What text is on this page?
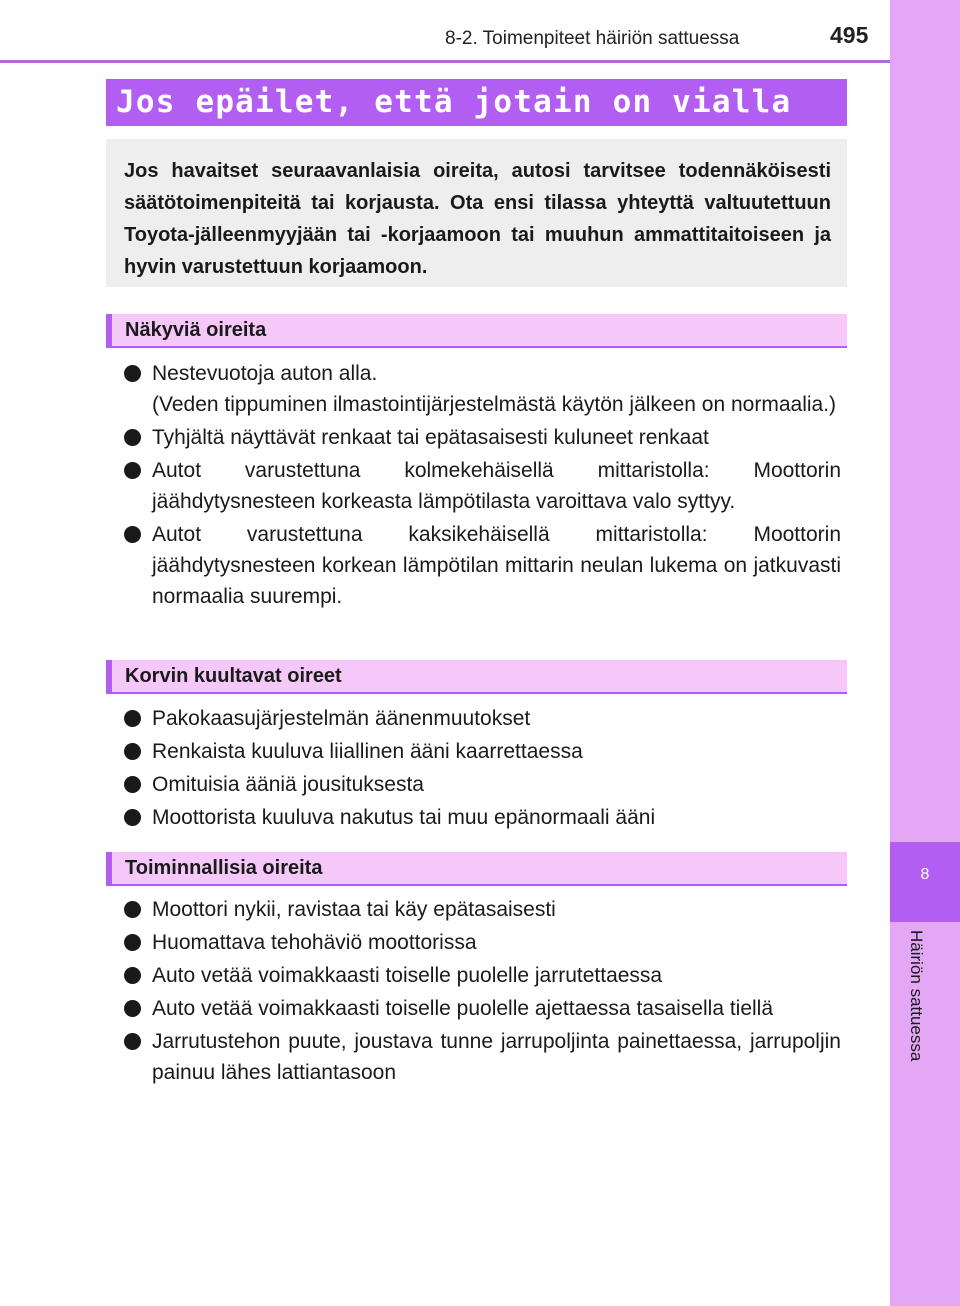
8-2. Toimenpiteet häiriön sattuessa	495
8
Häiriön sattuessa
Jos epäilet, että jotain on vialla
Jos havaitset seuraavanlaisia oireita, autosi tarvitsee todennäköisesti säätötoimenpiteitä tai korjausta. Ota ensi tilassa yhteyttä valtuutettuun Toyota-jälleenmyyjään tai -korjaamoon tai muuhun ammattitaitoiseen ja hyvin varustettuun korjaamoon.
Näkyviä oireita
Nestevuotoja auton alla.
(Veden tippuminen ilmastointijärjestelmästä käytön jälkeen on normaalia.)
Tyhjältä näyttävät renkaat tai epätasaisesti kuluneet renkaat
Autot varustettuna kolmekehäisellä mittaristolla: Moottorin jäähdytysnesteen korkeasta lämpötilasta varoittava valo syttyy.
Autot varustettuna kaksikehäisellä mittaristolla: Moottorin jäähdytysnesteen korkean lämpötilan mittarin neulan lukema on jatkuvasti normaalia suurempi.
Korvin kuultavat oireet
Pakokaasujärjestelmän äänenmuutokset
Renkaista kuuluva liiallinen ääni kaarrettaessa
Omituisia ääniä jousituksesta
Moottorista kuuluva nakutus tai muu epänormaali ääni
Toiminnallisia oireita
Moottori nykii, ravistaa tai käy epätasaisesti
Huomattava tehohäviö moottorissa
Auto vetää voimakkaasti toiselle puolelle jarrutettaessa
Auto vetää voimakkaasti toiselle puolelle ajettaessa tasaisella tiellä
Jarrutustehon puute, joustava tunne jarrupoljinta painettaessa, jarrupoljin painuu lähes lattiantasoon
